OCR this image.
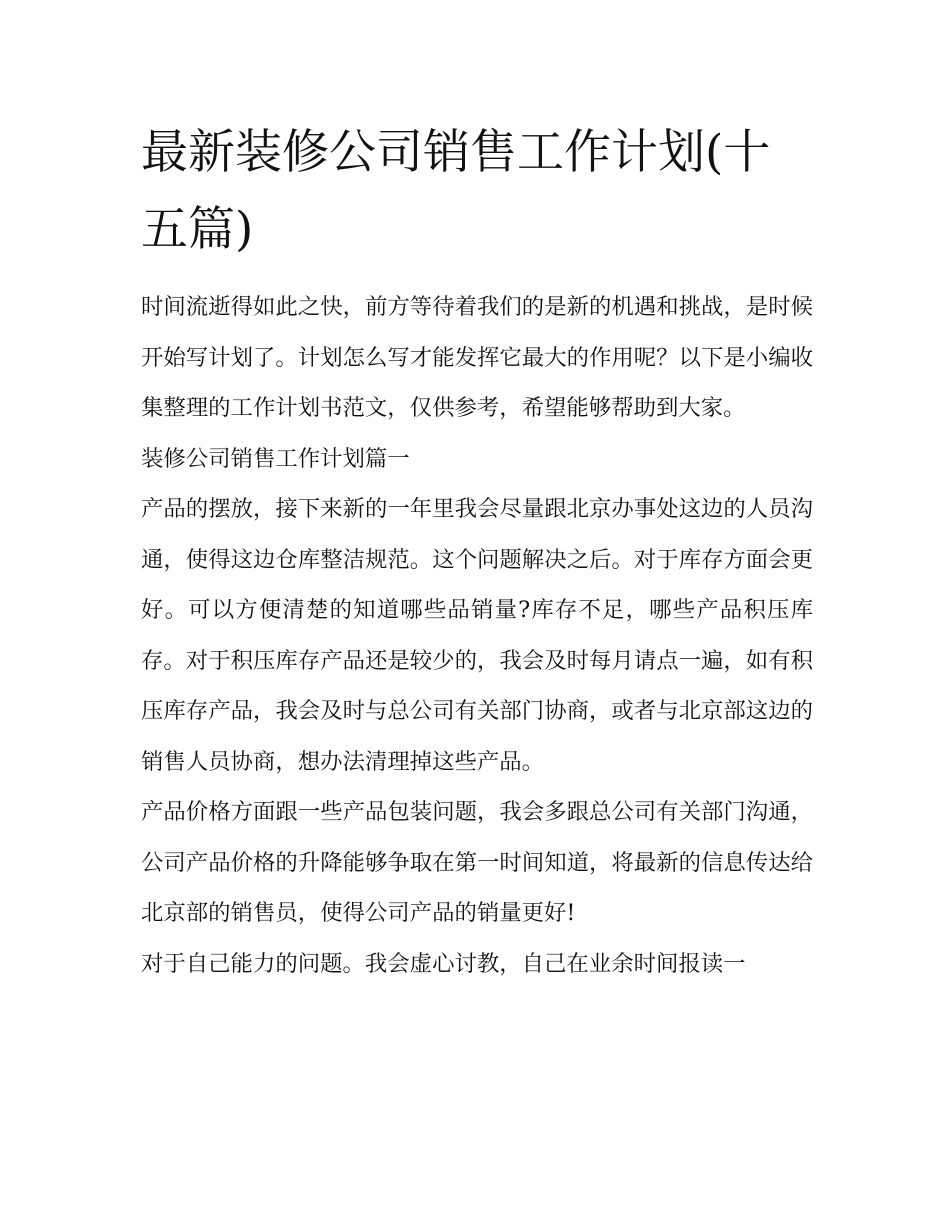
最新装修公司销售工作计划(十五篇)

时间流逝得如此之快，前方等待着我们的是新的机遇和挑战，是时候开始写计划了。计划怎么写才能发挥它最大的作用呢？以下是小编收集整理的工作计划书范文，仅供参考，希望能够帮助到大家。

装修公司销售工作计划篇一

产品的摆放，接下来新的一年里我会尽量跟北京办事处这边的人员沟通，使得这边仓库整洁规范。这个问题解决之后。对于库存方面会更好。可以方便清楚的知道哪些品销量?库存不足，哪些产品积压库存。对于积压库存产品还是较少的，我会及时每月请点一遍，如有积压库存产品，我会及时与总公司有关部门协商，或者与北京部这边的销售人员协商，想办法清理掉这些产品。

产品价格方面跟一些产品包装问题，我会多跟总公司有关部门沟通，公司产品价格的升降能够争取在第一时间知道，将最新的信息传达给北京部的销售员，使得公司产品的销量更好!

对于自己能力的问题。我会虚心讨教，自己在业余时间报读一
